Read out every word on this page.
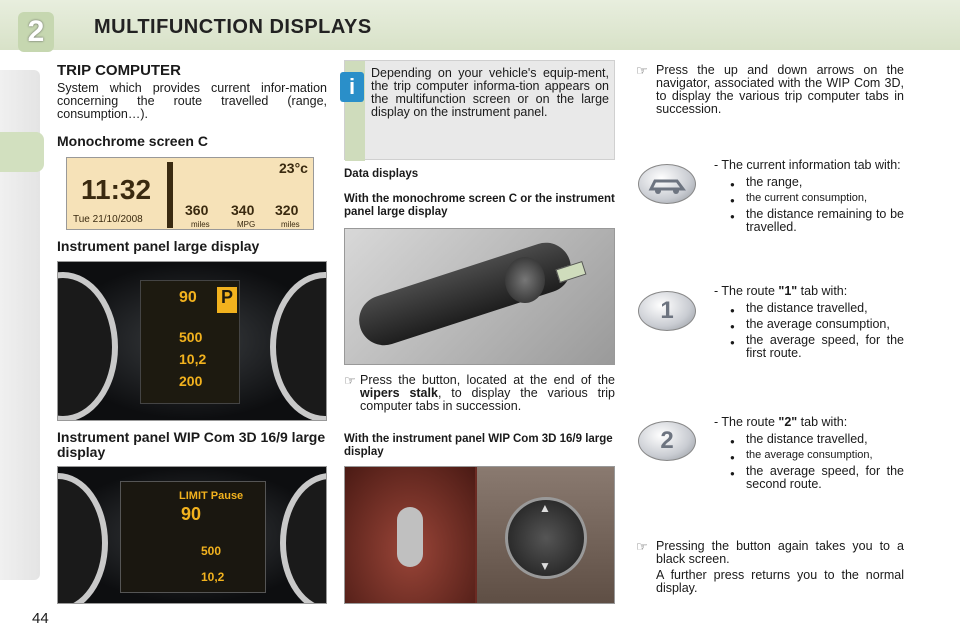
2	MULTIFUNCTION DISPLAYS
44
TRIP COMPUTER

System which provides current infor-mation concerning the route travelled (range, consumption…).

Monochrome screen C
11:32
Tue 21/10/2008
23°c
360
miles
340
MPG
320
miles
Instrument panel large display
90 P
500
10,2
200
Instrument panel WIP Com 3D 16/9 large display
LIMIT Pause
90
500
10,2

Depending on your vehicle's equip-ment, the trip computer informa-tion appears on the multifunction screen or on the large display on the instrument panel.

i
Data displays
With the monochrome screen C or the instrument panel large display
☞ Press the button, located at the end of the wipers stalk, to display the various trip computer tabs in succession.

With the instrument panel WIP Com 3D 16/9 large display
▲
▼
☞ Press the up and down arrows on the navigator, associated with the WIP Com 3D, to display the various trip computer tabs in succession.

- The current information tab with:

● the range,
● the current consumption,
● the distance remaining to be travelled.
1

- The route "1" tab with:

● the distance travelled,
● the average consumption,
● the average speed, for the first route.
2

- The route "2" tab with:

● the distance travelled,
● the average consumption,
● the average speed, for the second route.
☞ Pressing the button again takes you to a black screen.

A further press returns you to the normal display.
